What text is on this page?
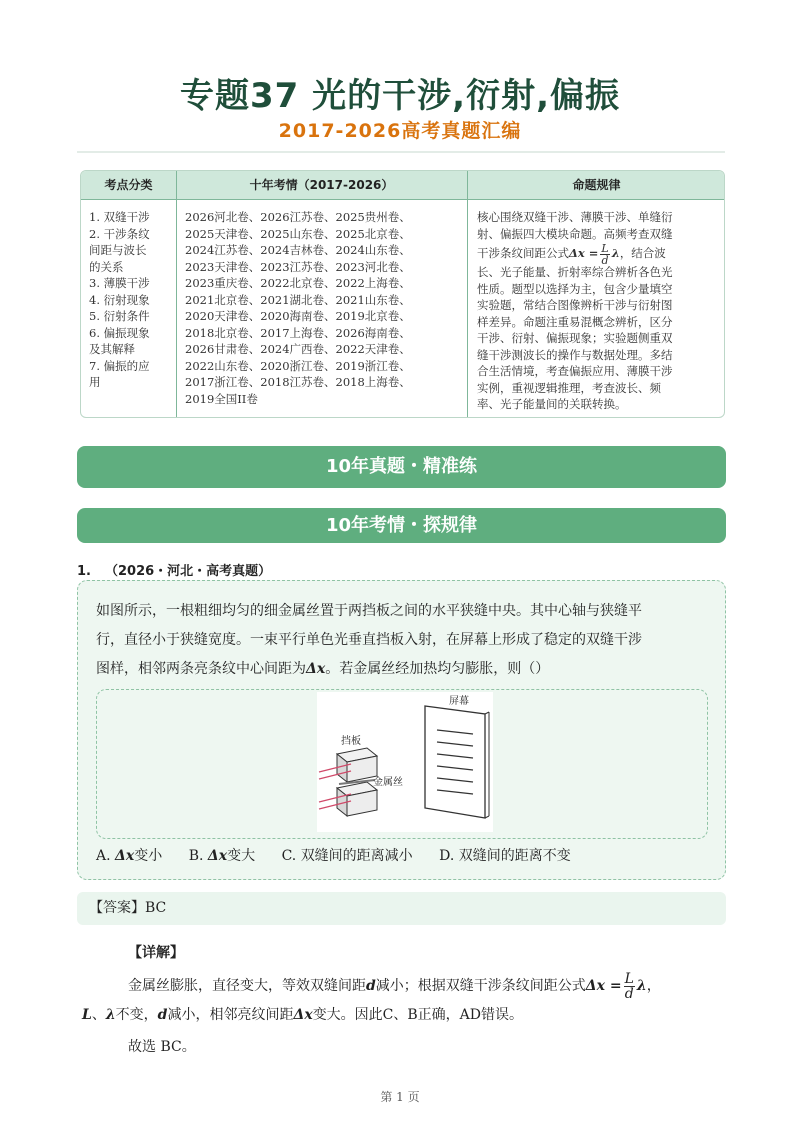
专题37 光的干涉,衍射,偏振
2017-2026高考真题汇编
考点分类	十年考情（2017-2026）	命题规律
1. 双缝干涉
2. 干涉条纹
间距与波长
的关系
3. 薄膜干涉
4. 衍射现象
5. 衍射条件
6. 偏振现象
及其解释
7. 偏振的应
用
2026河北卷、2026江苏卷、2025贵州卷、
2025天津卷、2025山东卷、2025北京卷、
2024江苏卷、2024吉林卷、2024山东卷、
2023天津卷、2023江苏卷、2023河北卷、
2023重庆卷、2022北京卷、2022上海卷、
2021北京卷、2021湖北卷、2021山东卷、
2020天津卷、2020海南卷、2019北京卷、
2018北京卷、2017上海卷、2026海南卷、
2026甘肃卷、2024广西卷、2022天津卷、
2022山东卷、2020浙江卷、2019浙江卷、
2017浙江卷、2018江苏卷、2018上海卷、
2019全国II卷
核心围绕双缝干涉、薄膜干涉、单缝衍
射、偏振四大模块命题。高频考查双缝
干涉条纹间距公式$\Delta x = \frac{L}{d}$ λ，结合波
长、光子能量、折射率综合辨析各色光
性质。题型以选择为主，包含少量填空
实验题，常结合图像辨析干涉与衍射图
样差异。命题注重易混概念辨析，区分
干涉、衍射、偏振现象；实验题侧重双
缝干涉测波长的操作与数据处理。多结
合生活情境，考查偏振应用、薄膜干涉
实例，重视逻辑推理，考查波长、频
率、光子能量间的关联转换。
10年真题・精准练
10年考情・探规律
1. （2026・河北・高考真题）
如图所示，一根粗细均匀的细金属丝置于两挡板之间的水平狭缝中央。其中心轴与狭缝平
行，直径小于狭缝宽度。一束平行单色光垂直挡板入射，在屏幕上形成了稳定的双缝干涉
图样，相邻两条亮条纹中心间距为Δx。若金属丝经加热均匀膨胀，则（）
屏幕
挡板
金属丝
A. Δx变小 B. Δx变大 C. 双缝间的距离减小 D. 双缝间的距离不变
【答案】BC
【详解】
金属丝膨胀，直径变大，等效双缝间距d减小；根据双缝干涉条纹间距公式$\Delta x = \frac{L}{d}$ λ，
L、λ不变，d减小，相邻亮纹间距Δx变大。因此C、B正确，AD错误。
故选 BC。
第 1 页
